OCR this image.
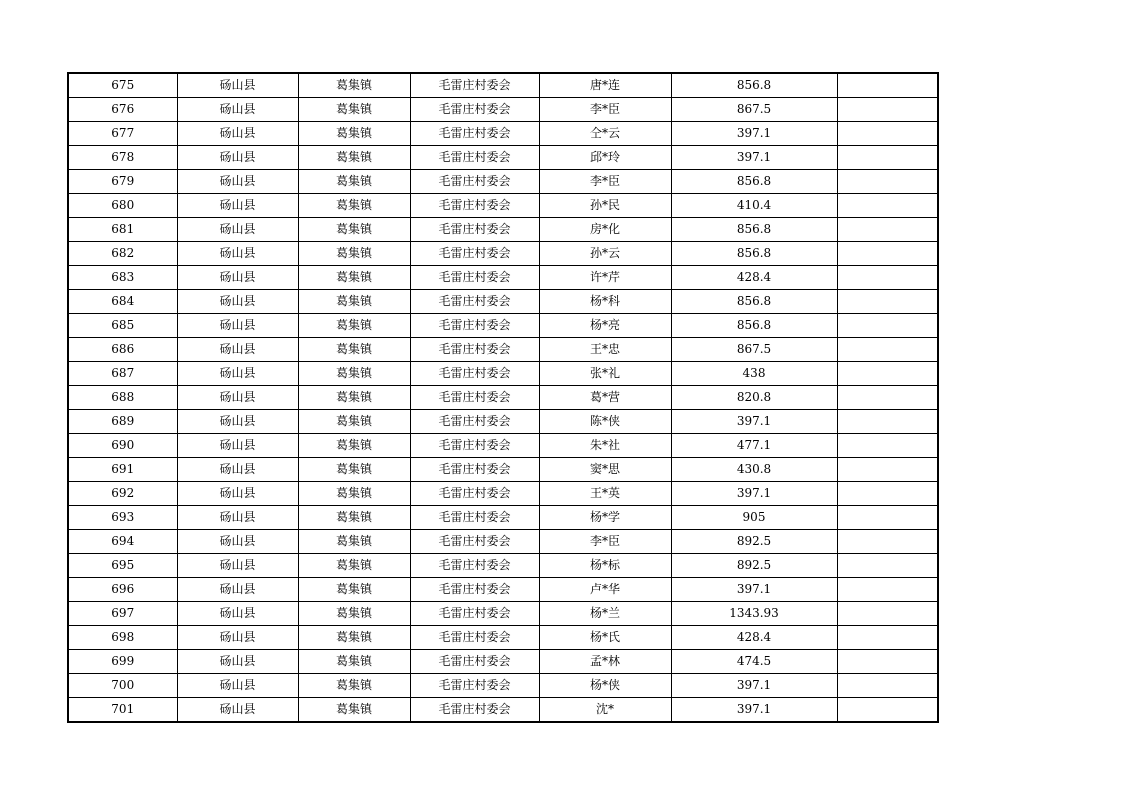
675	砀山县	葛集镇	毛雷庄村委会	唐*连	856.8	
676	砀山县	葛集镇	毛雷庄村委会	李*臣	867.5	
677	砀山县	葛集镇	毛雷庄村委会	仝*云	397.1	
678	砀山县	葛集镇	毛雷庄村委会	邱*玲	397.1	
679	砀山县	葛集镇	毛雷庄村委会	李*臣	856.8	
680	砀山县	葛集镇	毛雷庄村委会	孙*民	410.4	
681	砀山县	葛集镇	毛雷庄村委会	房*化	856.8	
682	砀山县	葛集镇	毛雷庄村委会	孙*云	856.8	
683	砀山县	葛集镇	毛雷庄村委会	许*芹	428.4	
684	砀山县	葛集镇	毛雷庄村委会	杨*科	856.8	
685	砀山县	葛集镇	毛雷庄村委会	杨*亮	856.8	
686	砀山县	葛集镇	毛雷庄村委会	王*忠	867.5	
687	砀山县	葛集镇	毛雷庄村委会	张*礼	438	
688	砀山县	葛集镇	毛雷庄村委会	葛*营	820.8	
689	砀山县	葛集镇	毛雷庄村委会	陈*侠	397.1	
690	砀山县	葛集镇	毛雷庄村委会	朱*社	477.1	
691	砀山县	葛集镇	毛雷庄村委会	窦*思	430.8	
692	砀山县	葛集镇	毛雷庄村委会	王*英	397.1	
693	砀山县	葛集镇	毛雷庄村委会	杨*学	905	
694	砀山县	葛集镇	毛雷庄村委会	李*臣	892.5	
695	砀山县	葛集镇	毛雷庄村委会	杨*标	892.5	
696	砀山县	葛集镇	毛雷庄村委会	卢*华	397.1	
697	砀山县	葛集镇	毛雷庄村委会	杨*兰	1343.93	
698	砀山县	葛集镇	毛雷庄村委会	杨*氏	428.4	
699	砀山县	葛集镇	毛雷庄村委会	孟*林	474.5	
700	砀山县	葛集镇	毛雷庄村委会	杨*侠	397.1	
701	砀山县	葛集镇	毛雷庄村委会	沈*	397.1	
